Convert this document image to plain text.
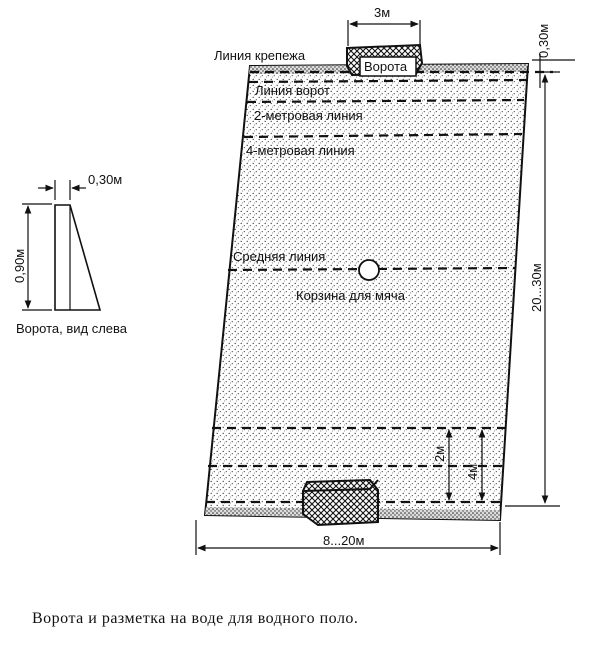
Ворота
Линия крепежа
Линия ворот
2-метровая линия
4-метровая линия
Средняя линия
Корзина для мяча
3м
0,30м
20...30м
8...20м
2м
4м
0,90м
0,30м
Ворота, вид слева
Ворота и разметка на воде для водного поло.
